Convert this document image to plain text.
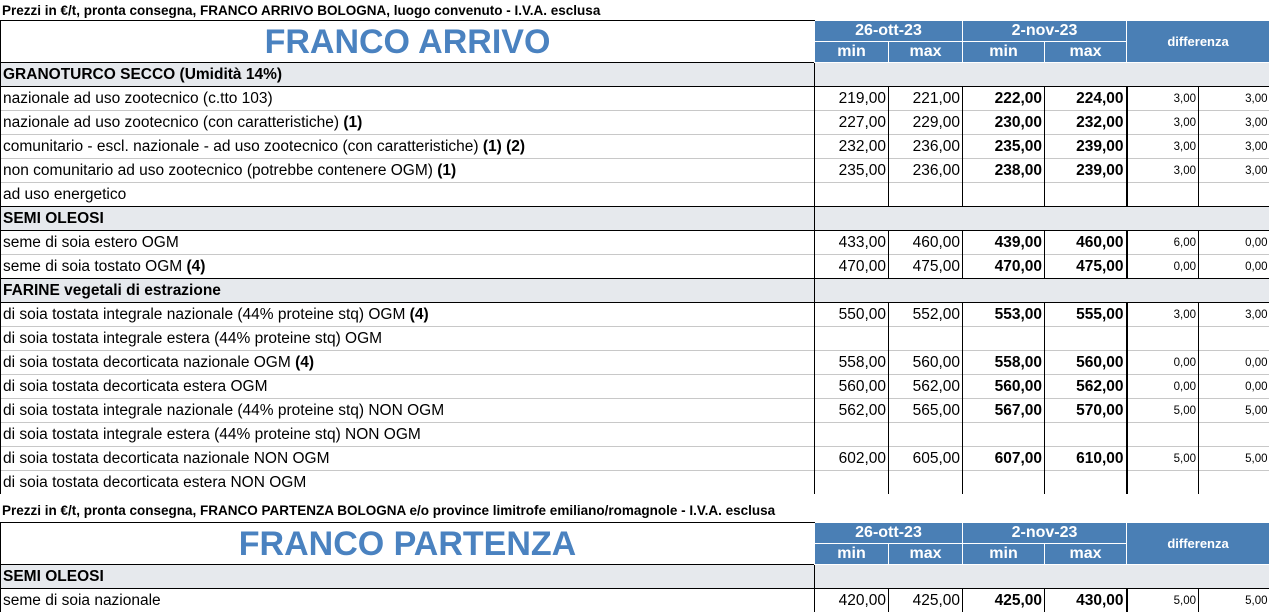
Prezzi in €/t, pronta consegna, FRANCO ARRIVO BOLOGNA, luogo convenuto - I.V.A. esclusa
FRANCO ARRIVO	26-ott-23		2-nov-23		differenza	
	min	max	min	max		
GRANOTURCO SECCO (Umidità 14%)						
nazionale ad uso zootecnico (c.tto 103)	219,00	221,00	222,00	224,00	3,00	3,00
nazionale ad uso zootecnico (con caratteristiche) (1)	227,00	229,00	230,00	232,00	3,00	3,00
comunitario - escl. nazionale - ad uso zootecnico (con caratteristiche) (1) (2)	232,00	236,00	235,00	239,00	3,00	3,00
non comunitario ad uso zootecnico (potrebbe contenere OGM) (1)	235,00	236,00	238,00	239,00	3,00	3,00
ad uso energetico						
SEMI OLEOSI						
seme di soia estero OGM	433,00	460,00	439,00	460,00	6,00	0,00
seme di soia tostato OGM (4)	470,00	475,00	470,00	475,00	0,00	0,00
FARINE vegetali di estrazione						
di soia tostata integrale nazionale (44% proteine stq) OGM (4)	550,00	552,00	553,00	555,00	3,00	3,00
di soia tostata integrale estera (44% proteine stq) OGM						
di soia tostata decorticata nazionale OGM (4)	558,00	560,00	558,00	560,00	0,00	0,00
di soia tostata decorticata estera OGM	560,00	562,00	560,00	562,00	0,00	0,00
di soia tostata integrale nazionale (44% proteine stq) NON OGM	562,00	565,00	567,00	570,00	5,00	5,00
di soia tostata integrale estera (44% proteine stq) NON OGM						
di soia tostata decorticata nazionale NON OGM	602,00	605,00	607,00	610,00	5,00	5,00
di soia tostata decorticata estera NON OGM						
Prezzi in €/t, pronta consegna, FRANCO PARTENZA BOLOGNA e/o province limitrofe emiliano/romagnole - I.V.A. esclusa
FRANCO PARTENZA	26-ott-23		2-nov-23		differenza	
	min	max	min	max		
SEMI OLEOSI						
seme di soia nazionale	420,00	425,00	425,00	430,00	5,00	5,00
